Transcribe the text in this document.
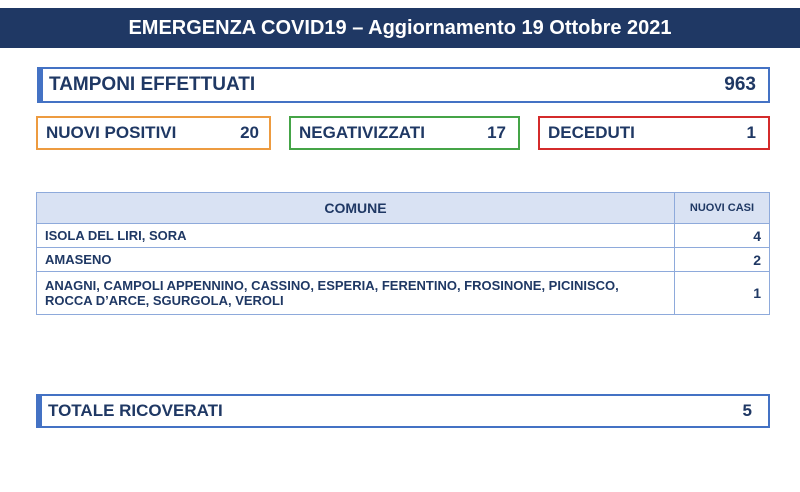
EMERGENZA COVID19 – Aggiornamento 19 Ottobre 2021
TAMPONI EFFETTUATI	963
NUOVI POSITIVI	20 NEGATIVIZZATI	17 DECEDUTI	1
COMUNE	NUOVI CASI
ISOLA DEL LIRI, SORA	4
AMASENO	2
ANAGNI, CAMPOLI APPENNINO, CASSINO, ESPERIA, FERENTINO, FROSINONE, PICINISCO, ROCCA D’ARCE, SGURGOLA, VEROLI	1
TOTALE RICOVERATI	5
